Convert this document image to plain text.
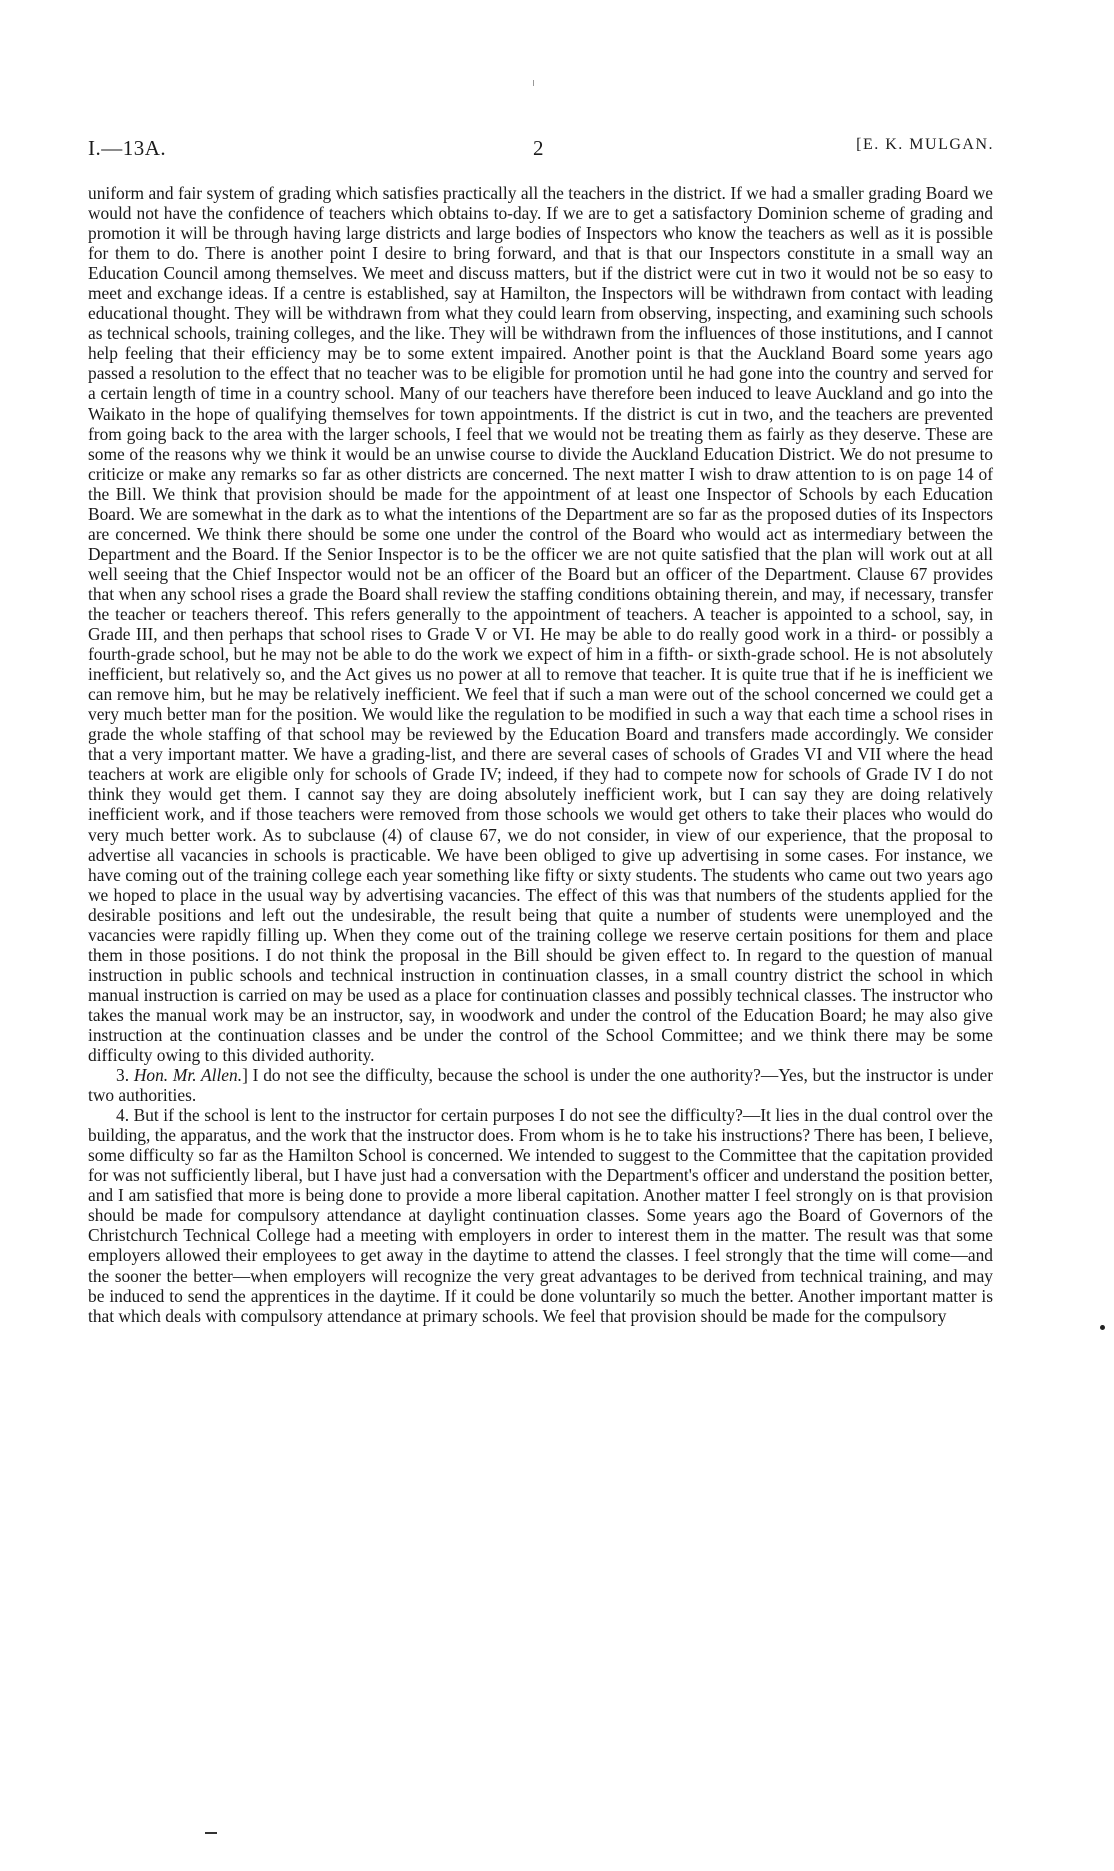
I.—13A.	2	[E. K. MULGAN.

uniform and fair system of grading which satisfies practically all the teachers in the district. If we had a smaller grading Board we would not have the confidence of teachers which obtains to-day. If we are to get a satisfactory Dominion scheme of grading and promotion it will be through having large districts and large bodies of Inspectors who know the teachers as well as it is possible for them to do. There is another point I desire to bring forward, and that is that our Inspectors constitute in a small way an Education Council among themselves. We meet and discuss matters, but if the district were cut in two it would not be so easy to meet and exchange ideas. If a centre is established, say at Hamilton, the Inspectors will be withdrawn from contact with leading educational thought. They will be withdrawn from what they could learn from observing, inspecting, and examining such schools as technical schools, training colleges, and the like. They will be withdrawn from the influences of those institutions, and I cannot help feeling that their efficiency may be to some extent impaired. Another point is that the Auckland Board some years ago passed a resolution to the effect that no teacher was to be eligible for promotion until he had gone into the country and served for a certain length of time in a country school. Many of our teachers have therefore been induced to leave Auckland and go into the Waikato in the hope of qualifying themselves for town appointments. If the district is cut in two, and the teachers are prevented from going back to the area with the larger schools, I feel that we would not be treating them as fairly as they deserve. These are some of the reasons why we think it would be an unwise course to divide the Auckland Education District. We do not presume to criticize or make any remarks so far as other districts are concerned. The next matter I wish to draw attention to is on page 14 of the Bill. We think that provision should be made for the appointment of at least one Inspector of Schools by each Education Board. We are somewhat in the dark as to what the intentions of the Department are so far as the proposed duties of its Inspectors are concerned. We think there should be some one under the control of the Board who would act as intermediary between the Department and the Board. If the Senior Inspector is to be the officer we are not quite satisfied that the plan will work out at all well seeing that the Chief Inspector would not be an officer of the Board but an officer of the Department. Clause 67 provides that when any school rises a grade the Board shall review the staffing conditions obtaining therein, and may, if necessary, transfer the teacher or teachers thereof. This refers generally to the appointment of teachers. A teacher is appointed to a school, say, in Grade III, and then perhaps that school rises to Grade V or VI. He may be able to do really good work in a third- or possibly a fourth-grade school, but he may not be able to do the work we expect of him in a fifth- or sixth-grade school. He is not absolutely inefficient, but relatively so, and the Act gives us no power at all to remove that teacher. It is quite true that if he is inefficient we can remove him, but he may be relatively inefficient. We feel that if such a man were out of the school concerned we could get a very much better man for the position. We would like the regulation to be modified in such a way that each time a school rises in grade the whole staffing of that school may be reviewed by the Education Board and transfers made accordingly. We consider that a very important matter. We have a grading-list, and there are several cases of schools of Grades VI and VII where the head teachers at work are eligible only for schools of Grade IV; indeed, if they had to compete now for schools of Grade IV I do not think they would get them. I cannot say they are doing absolutely inefficient work, but I can say they are doing relatively inefficient work, and if those teachers were removed from those schools we would get others to take their places who would do very much better work. As to subclause (4) of clause 67, we do not consider, in view of our experience, that the proposal to advertise all vacancies in schools is practicable. We have been obliged to give up advertising in some cases. For instance, we have coming out of the training college each year something like fifty or sixty students. The students who came out two years ago we hoped to place in the usual way by advertising vacancies. The effect of this was that numbers of the students applied for the desirable positions and left out the undesirable, the result being that quite a number of students were unemployed and the vacancies were rapidly filling up. When they come out of the training college we reserve certain positions for them and place them in those positions. I do not think the proposal in the Bill should be given effect to. In regard to the question of manual instruction in public schools and technical instruction in continuation classes, in a small country district the school in which manual instruction is carried on may be used as a place for continuation classes and possibly technical classes. The instructor who takes the manual work may be an instructor, say, in woodwork and under the control of the Education Board; he may also give instruction at the continuation classes and be under the control of the School Committee; and we think there may be some difficulty owing to this divided authority.

3. Hon. Mr. Allen.] I do not see the difficulty, because the school is under the one authority?—Yes, but the instructor is under two authorities.

4. But if the school is lent to the instructor for certain purposes I do not see the difficulty?—It lies in the dual control over the building, the apparatus, and the work that the instructor does. From whom is he to take his instructions? There has been, I believe, some difficulty so far as the Hamilton School is concerned. We intended to suggest to the Committee that the capitation provided for was not sufficiently liberal, but I have just had a conversation with the Department's officer and understand the position better, and I am satisfied that more is being done to provide a more liberal capitation. Another matter I feel strongly on is that provision should be made for compulsory attendance at daylight continuation classes. Some years ago the Board of Governors of the Christchurch Technical College had a meeting with employers in order to interest them in the matter. The result was that some employers allowed their employees to get away in the daytime to attend the classes. I feel strongly that the time will come—and the sooner the better—when employers will recognize the very great advantages to be derived from technical training, and may be induced to send the apprentices in the daytime. If it could be done voluntarily so much the better. Another important matter is that which deals with compulsory attendance at primary schools. We feel that provision should be made for the compulsory
